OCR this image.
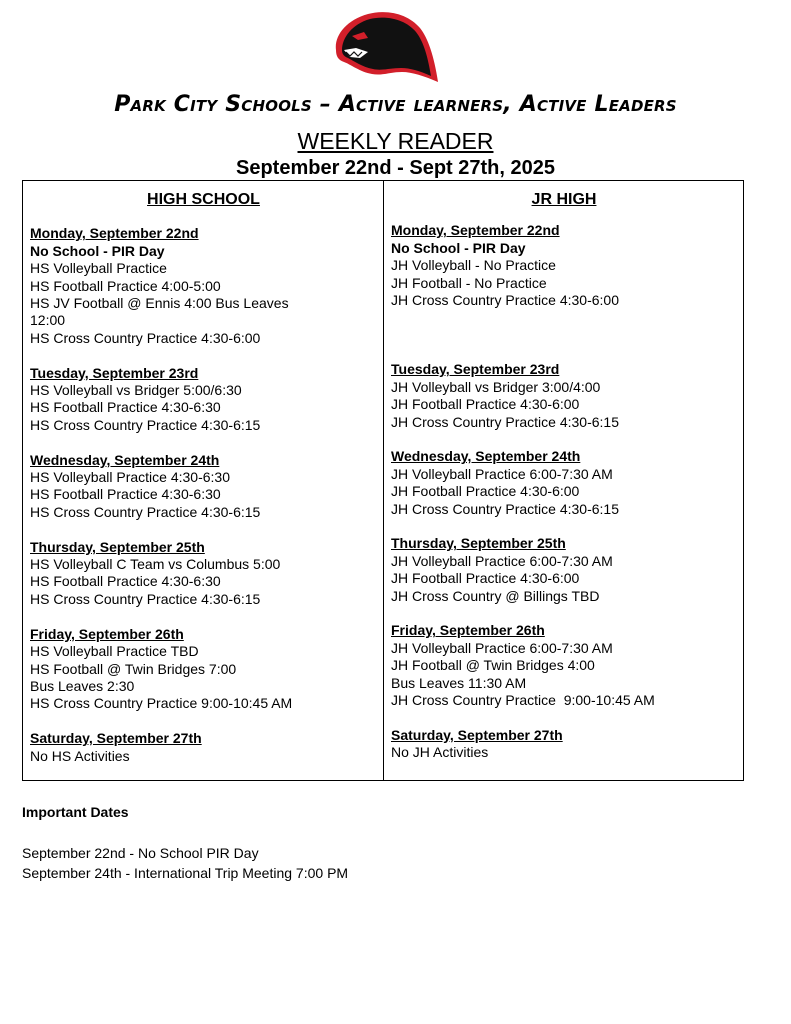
Park City Schools – Active learners, Active Leaders
WEEKLY READER
September 22nd - Sept 27th, 2025
HIGH SCHOOL
Monday, September 22nd
No School - PIR Day
HS Volleyball Practice
HS Football Practice 4:00-5:00
HS JV Football @ Ennis 4:00 Bus Leaves 12:00
HS Cross Country Practice 4:30-6:00
Tuesday, September 23rd
HS Volleyball vs Bridger 5:00/6:30
HS Football Practice 4:30-6:30
HS Cross Country Practice 4:30-6:15
Wednesday, September 24th
HS Volleyball Practice 4:30-6:30
HS Football Practice 4:30-6:30
HS Cross Country Practice 4:30-6:15
Thursday, September 25th
HS Volleyball C Team vs Columbus 5:00
HS Football Practice 4:30-6:30
HS Cross Country Practice 4:30-6:15
Friday, September 26th
HS Volleyball Practice TBD
HS Football @ Twin Bridges 7:00
Bus Leaves 2:30
HS Cross Country Practice 9:00-10:45 AM
Saturday, September 27th
No HS Activities
JR HIGH
Monday, September 22nd
No School - PIR Day
JH Volleyball - No Practice
JH Football - No Practice
JH Cross Country Practice 4:30-6:00
Tuesday, September 23rd
JH Volleyball vs Bridger 3:00/4:00
JH Football Practice 4:30-6:00
JH Cross Country Practice 4:30-6:15
Wednesday, September 24th
JH Volleyball Practice 6:00-7:30 AM
JH Football Practice 4:30-6:00
JH Cross Country Practice 4:30-6:15
Thursday, September 25th
JH Volleyball Practice 6:00-7:30 AM
JH Football Practice 4:30-6:00
JH Cross Country @ Billings TBD
Friday, September 26th
JH Volleyball Practice 6:00-7:30 AM
JH Football @ Twin Bridges 4:00
Bus Leaves 11:30 AM
JH Cross Country Practice  9:00-10:45 AM
Saturday, September 27th
No JH Activities
Important Dates
September 22nd - No School PIR Day
September 24th - International Trip Meeting 7:00 PM
